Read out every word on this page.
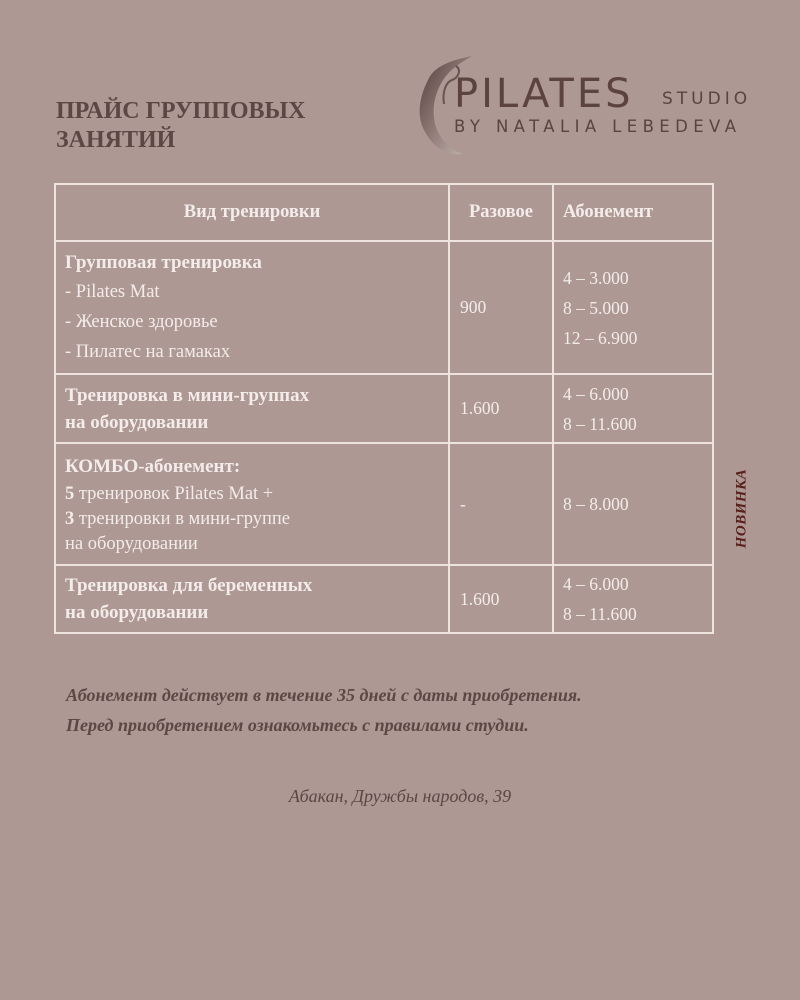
ПРАЙС ГРУППОВЫХ
ЗАНЯТИЙ
PILATES STUDIO
BY NATALIA LEBEDEVA
Вид тренировки	Разовое	Абонемент
Групповая тренировка
- Pilates Mat
- Женское здоровье
- Пилатес на гамаках	900	4 – 3.000
8 – 5.000
12 – 6.900

Тренировка в мини-группах
на оборудовании	1.600	4 – 6.000
8 – 11.600

КОМБО-абонемент:
5 тренировок Pilates Mat +
3 тренировки в мини-группе
на оборудовании	-	8 – 8.000

Тренировка для беременных
на оборудовании	1.600	4 – 6.000
8 – 11.600
НОВИНКА
Абонемент действует в течение 35 дней с даты приобретения.
Перед приобретением ознакомьтесь с правилами студии.
Абакан, Дружбы народов, 39
